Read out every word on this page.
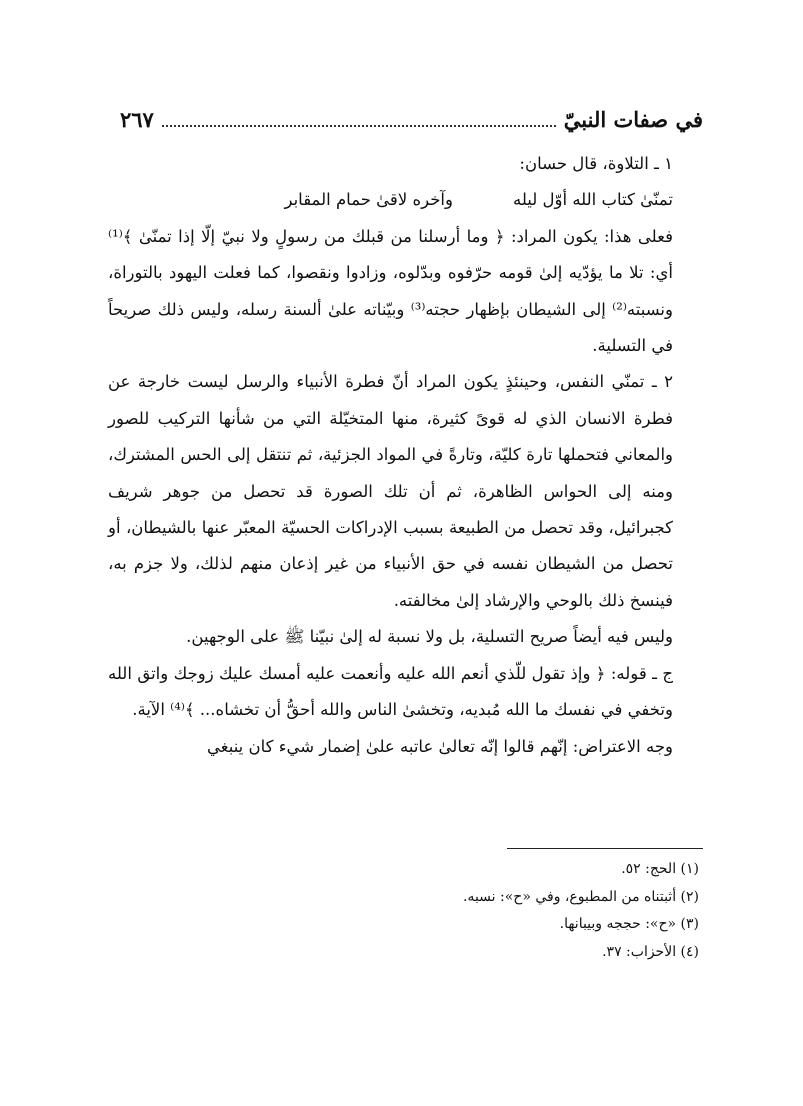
في صفات النبيّ
٢٦٧

١ ـ التلاوة، قال حسان:

تمنّىٰ كتاب الله أوّل ليله
وآخره لاقىٰ حمام المقابر

فعلى هذا: يكون المراد: ﴿ وما أرسلنا من قبلك من رسولٍ ولا نبيّ إلّا إذا تمنّىٰ ﴾⁽¹⁾ أي: تلا ما يؤدّيه إلىٰ قومه حرّفوه وبدّلوه، وزادوا ونقصوا، كما فعلت اليهود بالتوراة، ونسبته⁽²⁾ إلى الشيطان بإظهار حجته⁽³⁾ وبيّناته علىٰ ألسنة رسله، وليس ذلك صريحاً في التسلية.

٢ ـ تمنّي النفس، وحينئذٍ يكون المراد أنّ فطرة الأنبياء والرسل ليست خارجة عن فطرة الانسان الذي له قوىً كثيرة، منها المتخيّلة التي من شأنها التركيب للصور والمعاني فتحملها تارة كليّة، وتارةً في المواد الجزئية، ثم تنتقل إلى الحس المشترك، ومنه إلى الحواس الظاهرة، ثم أن تلك الصورة قد تحصل من جوهر شريف كجبرائيل، وقد تحصل من الطبيعة بسبب الإدراكات الحسيّة المعبّر عنها بالشيطان، أو تحصل من الشيطان نفسه في حق الأنبياء من غير إذعان منهم لذلك، ولا جزم به، فينسخ ذلك بالوحي والإرشاد إلىٰ مخالفته.

وليس فيه أيضاً صريح التسلية، بل ولا نسبة له إلىٰ نبيّنا ﷺ على الوجهين.

ج ـ قوله: ﴿ وإذ تقول للّذي أنعم الله عليه وأنعمت عليه أمسك عليك زوجك واتق الله وتخفي في نفسك ما الله مُبديه، وتخشىٰ الناس والله أحقُّ أن تخشاه... ﴾⁽⁴⁾ الآية.

وجه الاعتراض: إنّهم قالوا إنّه تعالىٰ عاتبه علىٰ إضمار شيء كان ينبغي

(١) الحج: ٥٢.
(٢) أثبتناه من المطبوع، وفي «ح»: نسبه.
(٣) «ح»: حججه وبيبانها.
(٤) الأحزاب: ٣٧.
